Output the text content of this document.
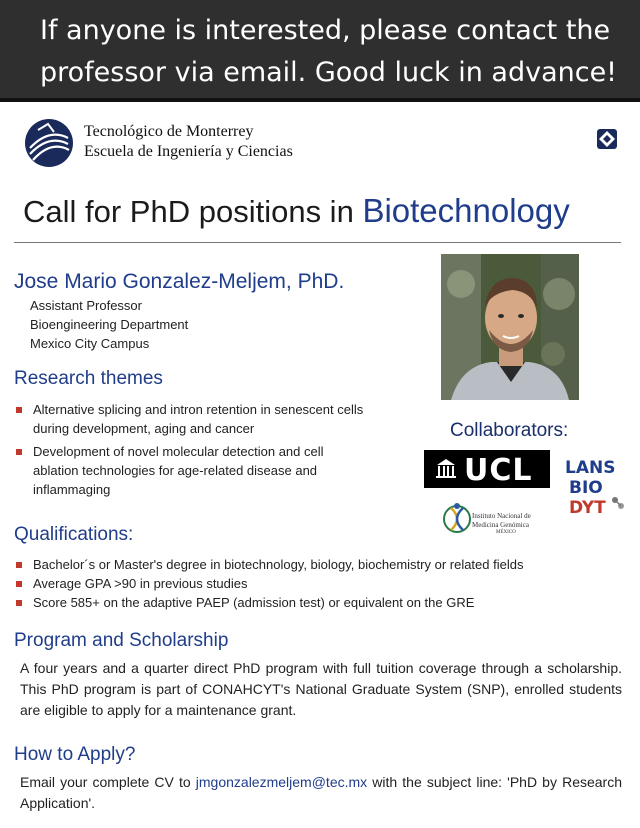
If anyone is interested, please contact the
professor via email. Good luck in advance!
Tecnológico de Monterrey
Escuela de Ingeniería y Ciencias
Call for PhD positions in Biotechnology
Jose Mario Gonzalez-Meljem, PhD.
Assistant Professor
Bioengineering Department
Mexico City Campus
Research themes
Alternative splicing and intron retention in senescent cells
during development, aging and cancer
Development of novel molecular detection and cell
ablation technologies for age-related disease and
inflammaging
Collaborators:
UCL LANS
BIO
DYT
Instituto Nacional de
Medicina Genómica
MÉXICO
Qualifications:
Bachelor´s or Master's degree in biotechnology, biology, biochemistry or related fields
Average GPA >90 in previous studies
Score 585+ on the adaptive PAEP (admission test) or equivalent on the GRE
Program and Scholarship
A four years and a quarter direct PhD program with full tuition coverage through a scholarship. This PhD program is part of CONAHCYT's National Graduate System (SNP), enrolled students are eligible to apply for a maintenance grant.
How to Apply?
Email your complete CV to jmgonzalezmeljem@tec.mx with the subject line: 'PhD by Research Application'.
